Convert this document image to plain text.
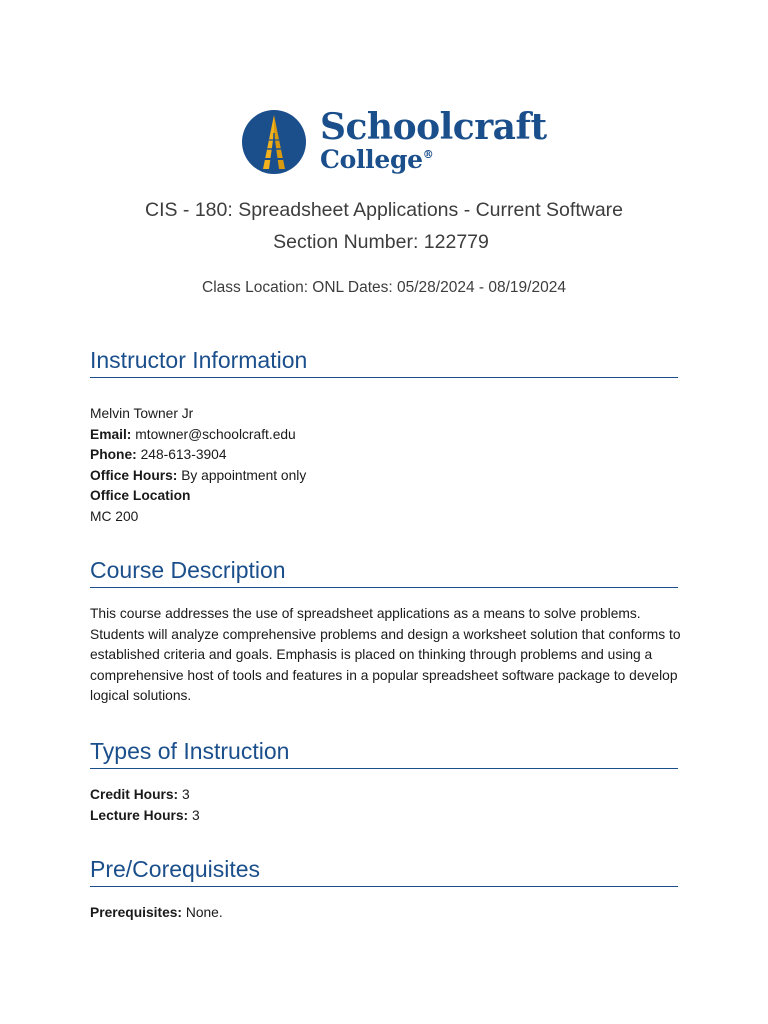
Schoolcraft
College®
CIS - 180: Spreadsheet Applications - Current Software
Section Number: 122779
Class Location: ONL Dates: 05/28/2024 - 08/19/2024
Instructor Information
Melvin Towner Jr
Email: mtowner@schoolcraft.edu
Phone: 248-613-3904
Office Hours: By appointment only
Office Location
MC 200
Course Description
This course addresses the use of spreadsheet applications as a means to solve problems.
Students will analyze comprehensive problems and design a worksheet solution that conforms to
established criteria and goals. Emphasis is placed on thinking through problems and using a
comprehensive host of tools and features in a popular spreadsheet software package to develop
logical solutions.
Types of Instruction
Credit Hours: 3
Lecture Hours: 3
Pre/Corequisites
Prerequisites: None.
